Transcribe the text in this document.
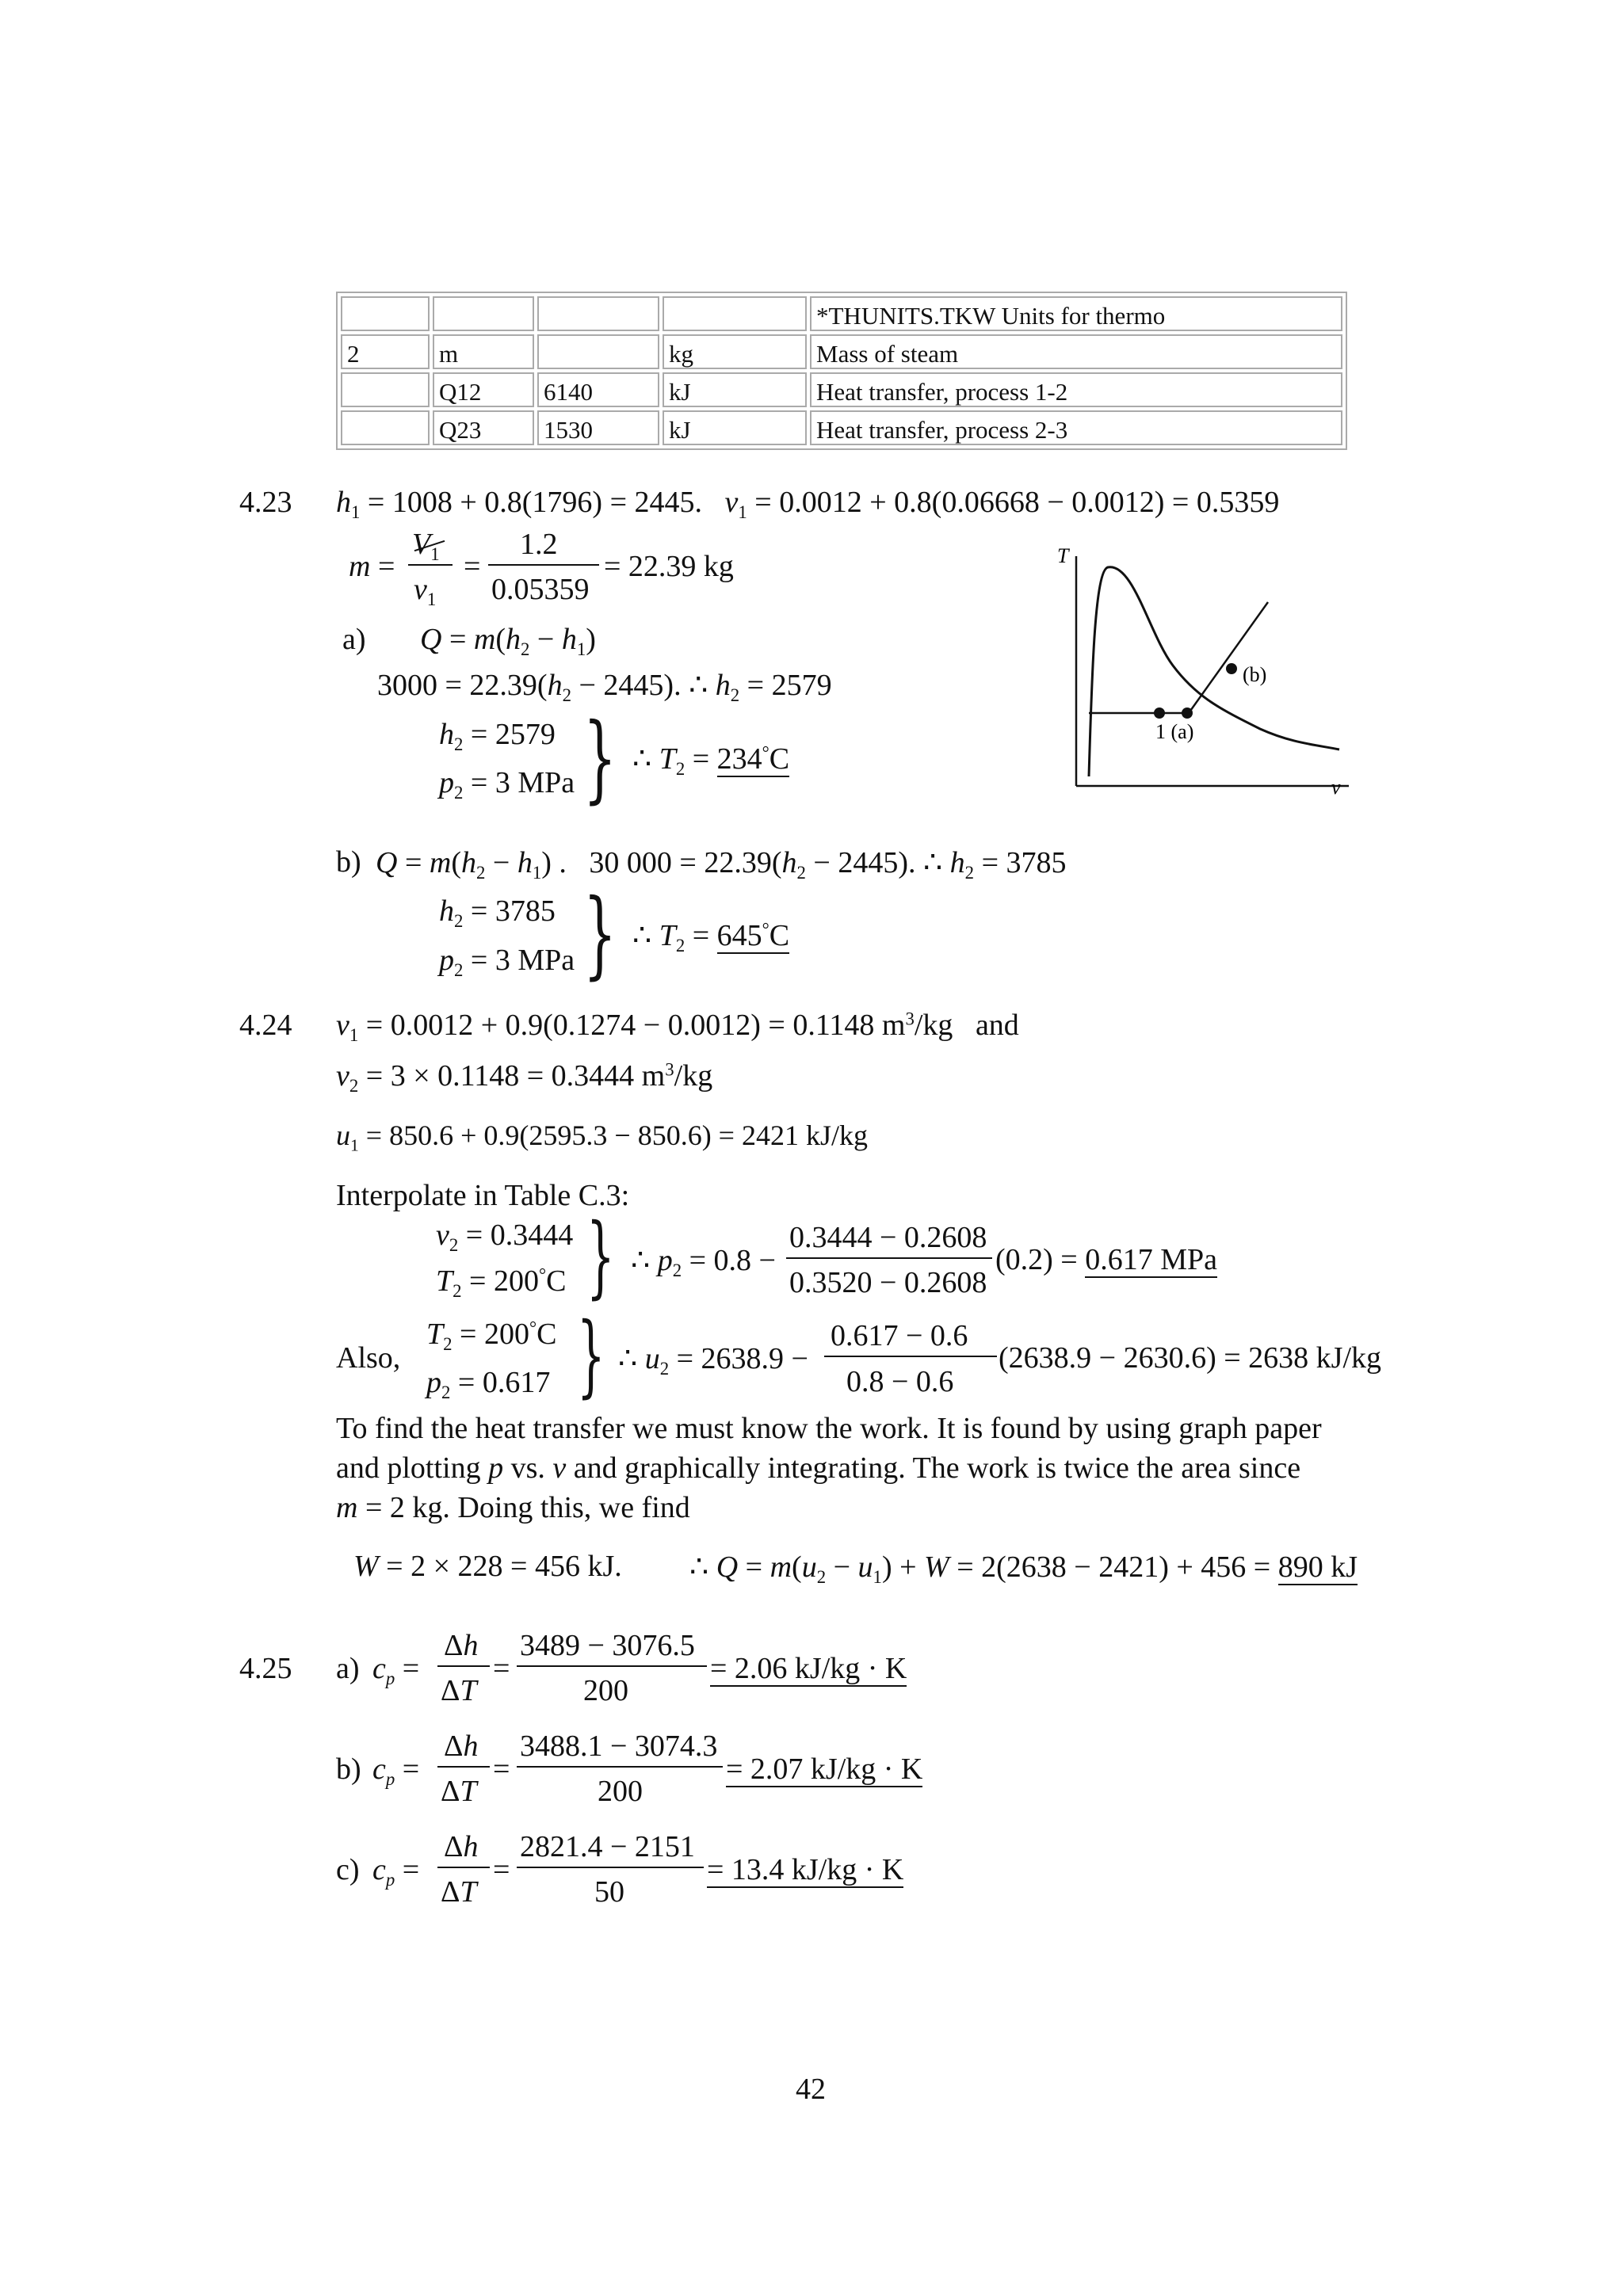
				*THUNITS.TKW Units for thermo
2	m		kg	Mass of steam
	Q12	6140	kJ	Heat transfer, process 1-2
	Q23	1530	kJ	Heat transfer, process 2-3
4.23 $h_1 = 1008 + 0.8(1796) = 2445$. $v_1 = 0.0012 + 0.8(0.06668 - 0.0012) = 0.5359$
m =
$V_1$
$v_1$
=
1.2
0.05359
= 22.39 kg
a) $Q = m(h_2 - h_1)$
$3000 = 22.39(h_2 - 2445)$. ∴ $h_2 = 2579$
$h_2 = 2579$
$p_2 = 3$ MPa } ∴ $T_2 = 234^\circ C$
b) $Q = m(h_2 - h_1)$ .   30 $000 = 22.39(h_2 - 2445)$. ∴ $h_2 = 3785$
$h_2 = 3785$
$p_2 = 3$ MPa } ∴ $T_2 = 645^\circ C$
T
v
1 (a)
(b)
4.24 $v_1 = 0.0012 + 0.9(0.1274 - 0.0012) = 0.1148$ $m^3/kg$ and
$v_2 = 3 \times 0.1148 = 0.3444$ $m^3/kg$
$u_1 = 850.6 + 0.9(2595.3 - 850.6) = 2421$ kJ/kg
Interpolate in Table C.3:
$v_2 = 0.3444$
$T_2 = 200^\circ C$ } ∴ $p_2 = 0.8$ −
0.3444 − 0.2608
0.3520 − 0.2608
(0.2) = 0.617 MPa
Also,
$T_2 = 200^\circ C$
$p_2 = 0.617$ } ∴ $u_2 = 2638.9$ −
0.617 − 0.6
0.8 − 0.6
(2638.9 − 2630.6) = 2638 kJ/kg
To find the heat transfer we must know the work. It is found by using graph paper
and plotting p vs. v and graphically integrating. The work is twice the area since
m = 2 kg. Doing this, we find
W = 2 × 228 = 456 kJ. ∴ $Q = m(u_2 - u_1) + W = 2(2638 - 2421) + 456 = 890$ kJ
4.25 a) $c_p$ =
Δh
ΔT
=
3489 − 3076.5
200
= 2.06 kJ/kg · K
b) $c_p$ =
Δh
ΔT
=
3488.1 − 3074.3
200
= 2.07 kJ/kg · K
c) $c_p$ =
Δh
ΔT
=
2821.4 − 2151
50
= 13.4 kJ/kg · K
42
